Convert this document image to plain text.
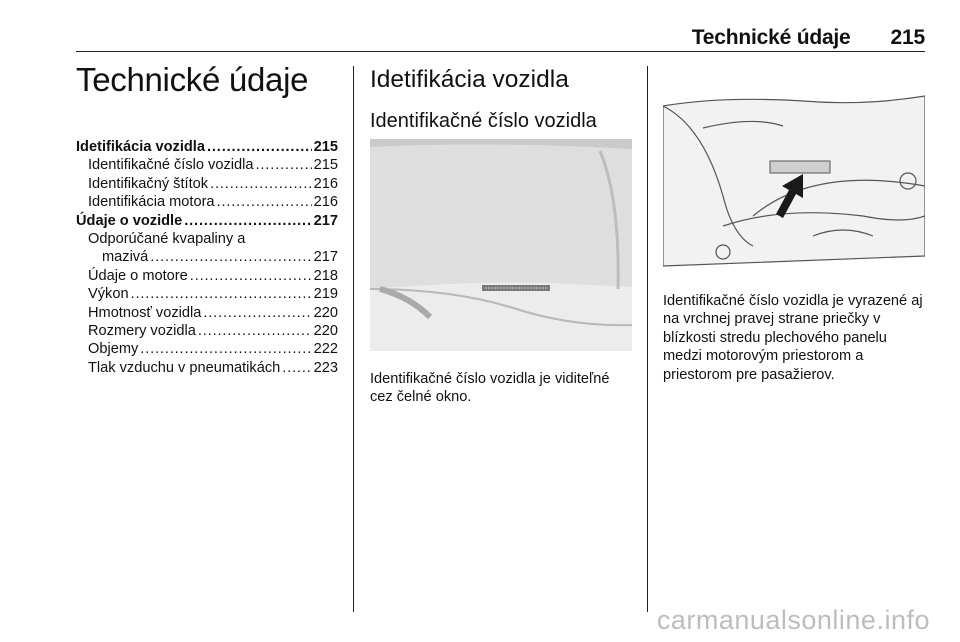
Technické údaje 215
Technické údaje
Idetifikácia vozidla . . .	215
Identifikačné číslo vozidla . . .	215
Identifikačný štítok . . .	216
Identifikácia motora . . .	216
Údaje o vozidle . . .	217
Odporúčané kvapaliny a
mazivá . . .	217
Údaje o motore . . .	218
Výkon . . .	219
Hmotnosť vozidla . . .	220
Rozmery vozidla . . .	220
Objemy . . .	222
Tlak vzduchu v pneumatikách . . . 223
Idetifikácia vozidla
Identifikačné číslo vozidla
Identifikačné číslo vozidla je viditeľné cez čelné okno.
Identifikačné číslo vozidla je vyrazené aj na vrchnej pravej strane priečky v blízkosti stredu plechového panelu medzi motorovým priestorom a priestorom pre pasažierov.
carmanualsonline.info
